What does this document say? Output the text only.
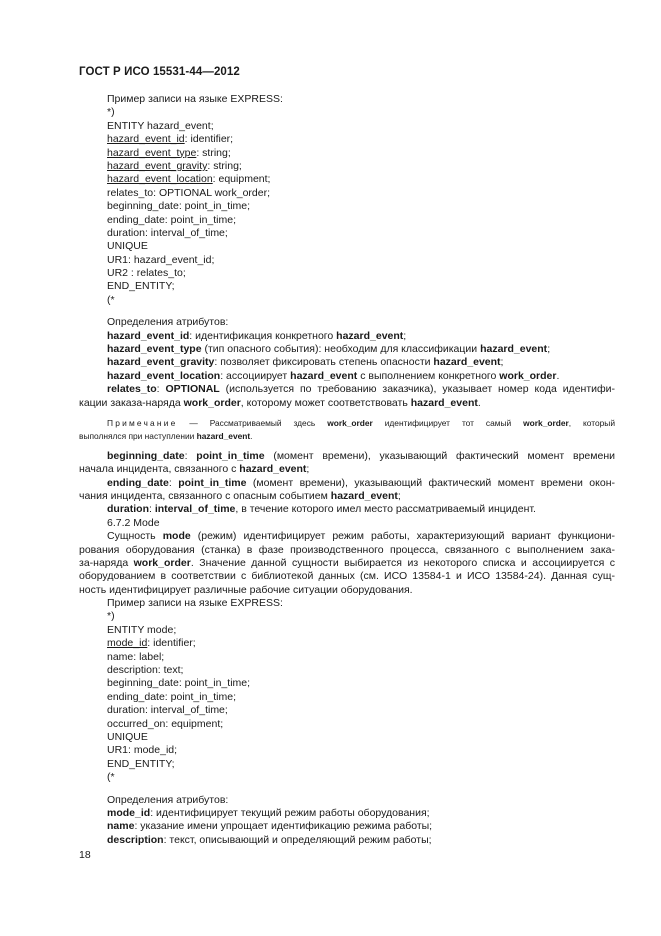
ГОСТ Р ИСО 15531-44—2012
Пример записи на языке EXPRESS:
*)
ENTITY hazard_event;
hazard_event_id: identifier;
hazard_event_type: string;
hazard_event_gravity: string;
hazard_event_location: equipment;
relates_to: OPTIONAL work_order;
beginning_date: point_in_time;
ending_date: point_in_time;
duration: interval_of_time;
UNIQUE
UR1: hazard_event_id;
UR2 : relates_to;
END_ENTITY;
(*
Определения атрибутов:
hazard_event_id: идентификация конкретного hazard_event;
hazard_event_type (тип опасного события): необходим для классификации hazard_event;
hazard_event_gravity: позволяет фиксировать степень опасности hazard_event;
hazard_event_location: ассоциирует hazard_event с выполнением конкретного work_order.
relates_to: OPTIONAL (используется по требованию заказчика), указывает номер кода идентифи-
кации заказа-наряда work_order, которому может соответствовать hazard_event.
Примечание — Рассматриваемый здесь work_order идентифицирует тот самый work_order, который
выполнялся при наступлении hazard_event.
beginning_date: point_in_time (момент времени), указывающий фактический момент времени
начала инцидента, связанного с hazard_event;
ending_date: point_in_time (момент времени), указывающий фактический момент времени окон-
чания инцидента, связанного с опасным событием hazard_event;
duration: interval_of_time, в течение которого имел место рассматриваемый инцидент.
6.7.2 Mode
Сущность mode (режим) идентифицирует режим работы, характеризующий вариант функциони-
рования оборудования (станка) в фазе производственного процесса, связанного с выполнением зака-
за-наряда work_order. Значение данной сущности выбирается из некоторого списка и ассоциируется с
оборудованием в соответствии с библиотекой данных (см. ИСО 13584-1 и ИСО 13584-24). Данная сущ-
ность идентифицирует различные рабочие ситуации оборудования.
Пример записи на языке EXPRESS:
*)
ENTITY mode;
mode_id: identifier;
name: label;
description: text;
beginning_date: point_in_time;
ending_date: point_in_time;
duration: interval_of_time;
occurred_on: equipment;
UNIQUE
UR1: mode_id;
END_ENTITY;
(*
Определения атрибутов:
mode_id: идентифицирует текущий режим работы оборудования;
name: указание имени упрощает идентификацию режима работы;
description: текст, описывающий и определяющий режим работы;
18
